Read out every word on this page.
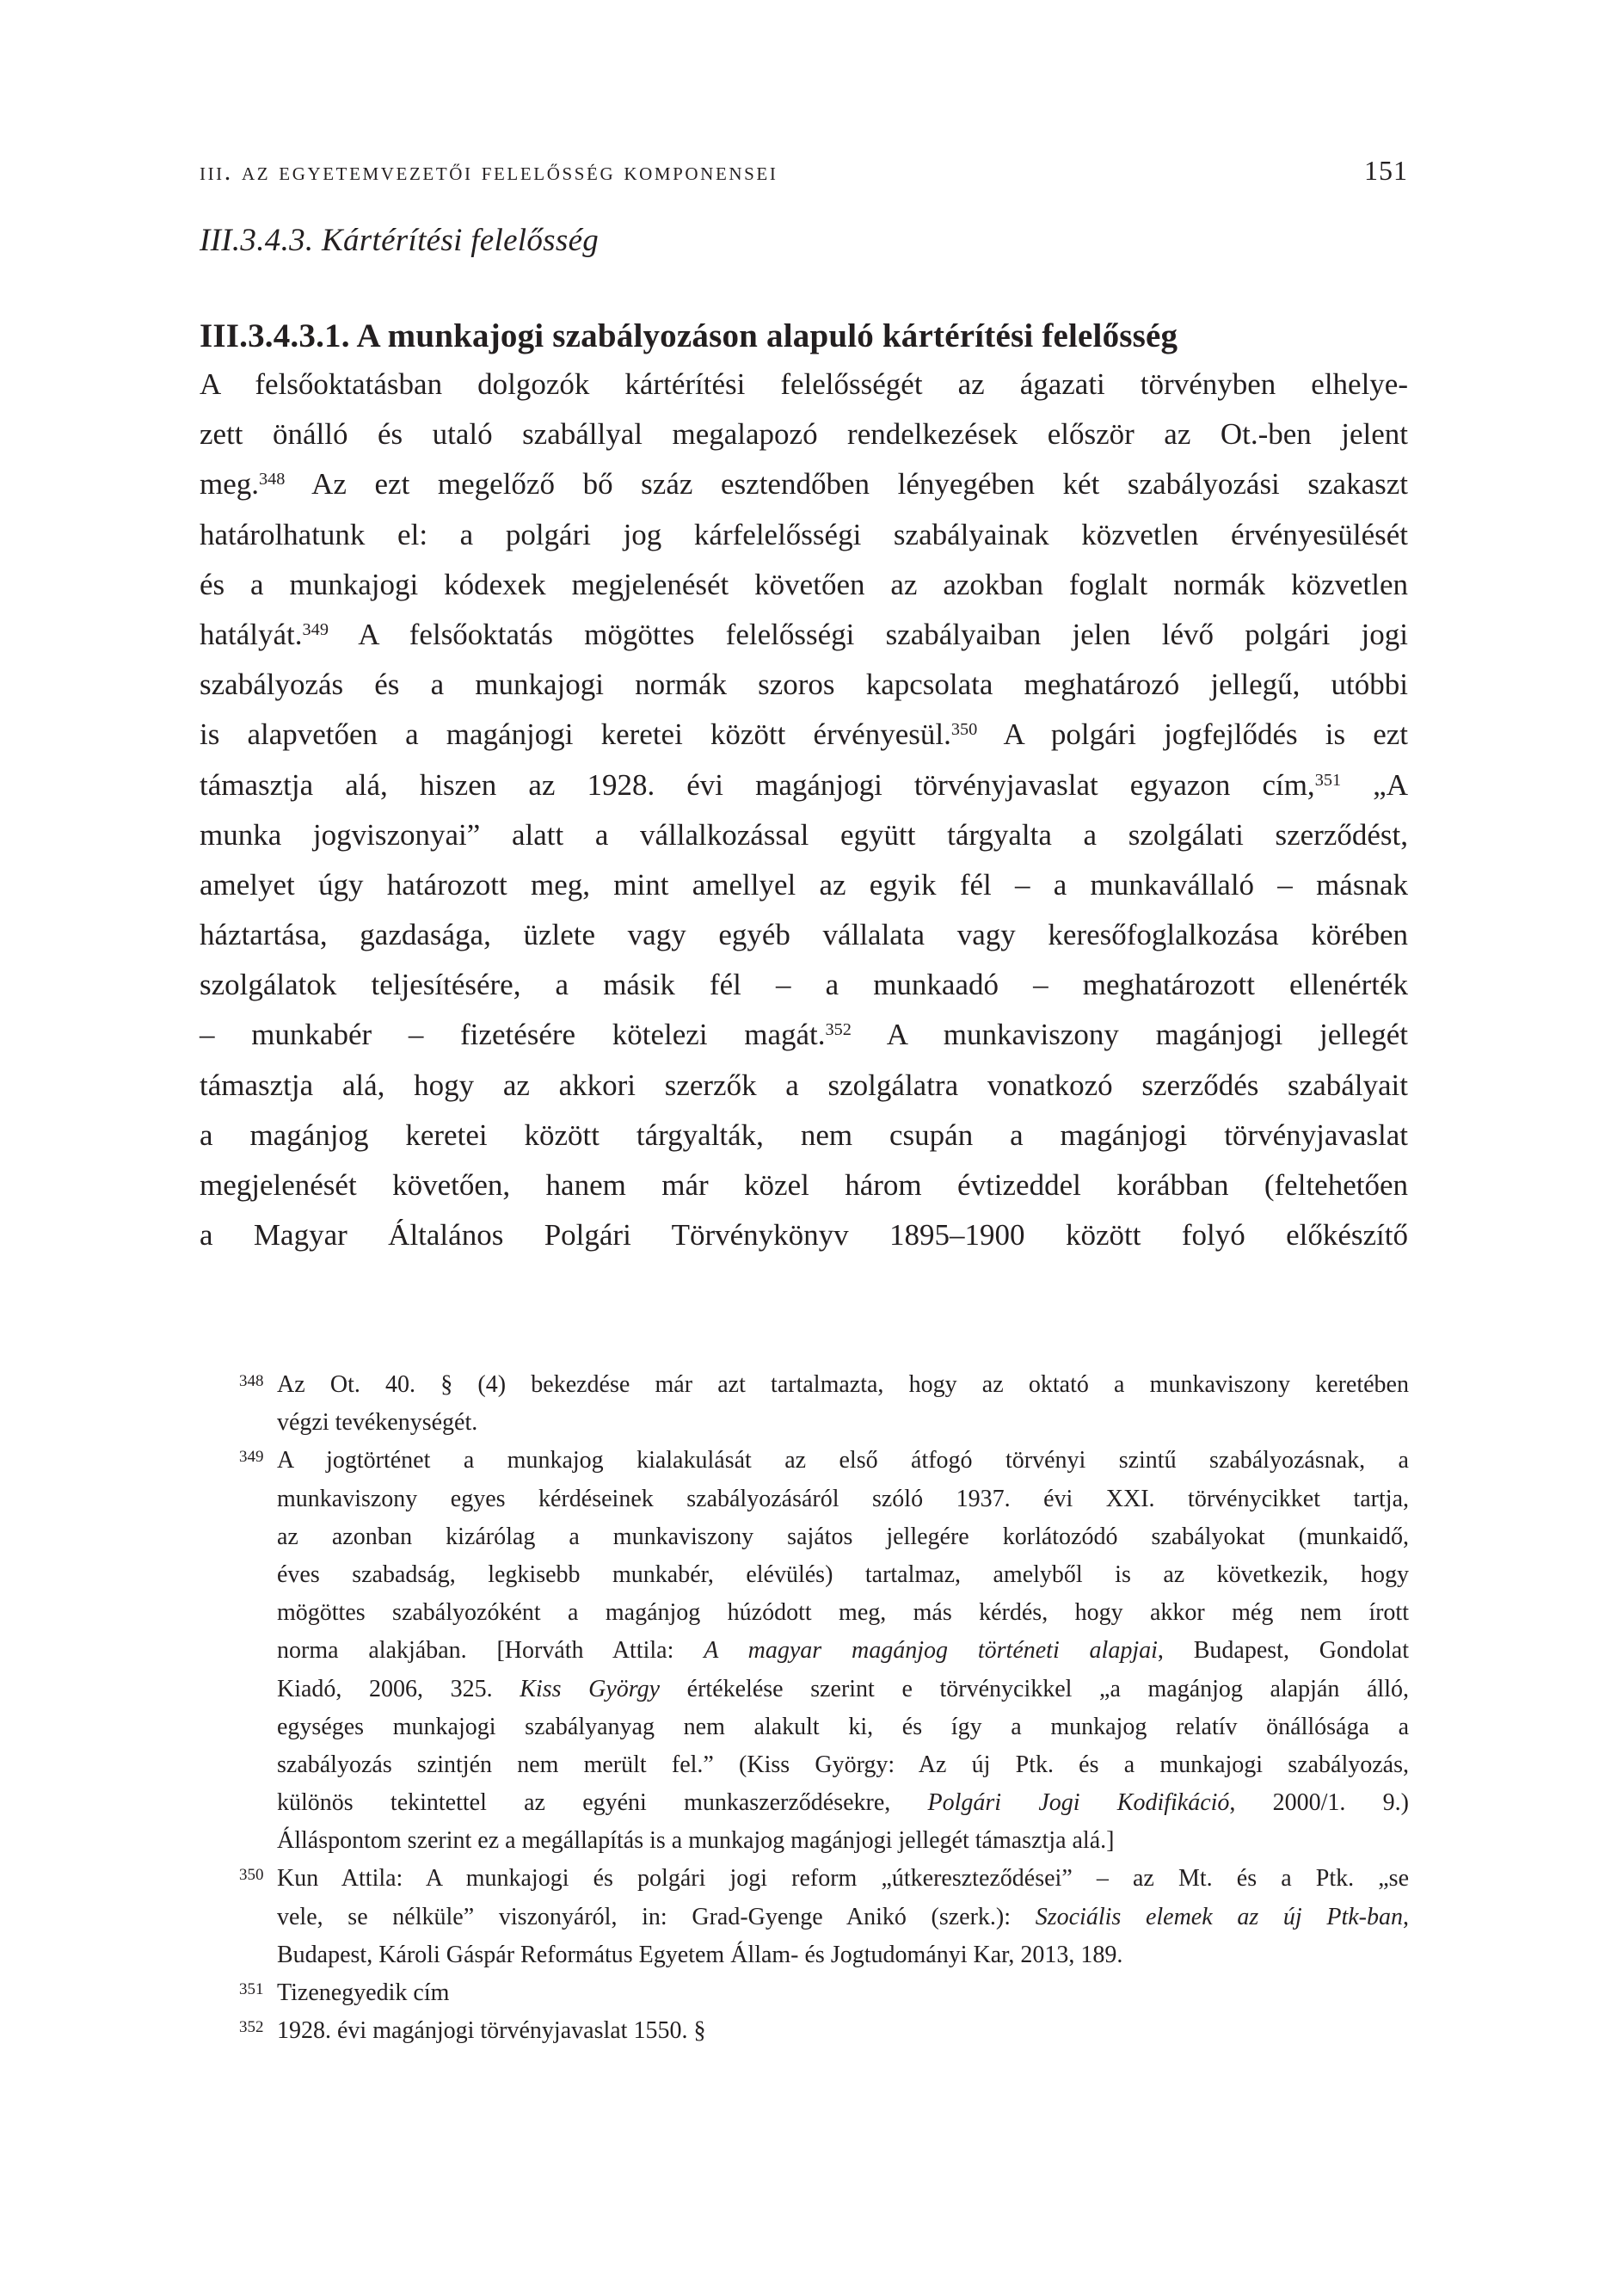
iii. az egyetemvezetői felelősség komponensei	151
III.3.4.3. Kártérítési felelősség
III.3.4.3.1. A munkajogi szabályozáson alapuló kártérítési felelősség
A felsőoktatásban dolgozók kártérítési felelősségét az ágazati törvényben elhelye-
zett önálló és utaló szabállyal megalapozó rendelkezések először az Ot.-ben jelent
meg.$^{348}$ Az ezt megelőző bő száz esztendőben lényegében két szabályozási szakaszt
határolhatunk el: a polgári jog kárfelelősségi szabályainak közvetlen érvényesülését
és a munkajogi kódexek megjelenését követően az azokban foglalt normák közvetlen
hatályát.$^{349}$ A felsőoktatás mögöttes felelősségi szabályaiban jelen lévő polgári jogi
szabályozás és a munkajogi normák szoros kapcsolata meghatározó jellegű, utóbbi
is alapvetően a magánjogi keretei között érvényesül.$^{350}$ A polgári jogfejlődés is ezt
támasztja alá, hiszen az 1928. évi magánjogi törvényjavaslat egyazon cím,$^{351}$ „A
munka jogviszonyai” alatt a vállalkozással együtt tárgyalta a szolgálati szerződést,
amelyet úgy határozott meg, mint amellyel az egyik fél – a munkavállaló – másnak
háztartása, gazdasága, üzlete vagy egyéb vállalata vagy keresőfoglalkozása körében
szolgálatok teljesítésére, a másik fél – a munkaadó – meghatározott ellenérték
– munkabér – fizetésére kötelezi magát.$^{352}$ A munkaviszony magánjogi jellegét
támasztja alá, hogy az akkori szerzők a szolgálatra vonatkozó szerződés szabályait
a magánjog keretei között tárgyalták, nem csupán a magánjogi törvényjavaslat
megjelenését követően, hanem már közel három évtizeddel korábban (feltehetően
a Magyar Általános Polgári Törvénykönyv 1895–1900 között folyó előkészítő
348 Az Ot. 40. § (4) bekezdése már azt tartalmazta, hogy az oktató a munkaviszony keretében
végzi tevékenységét.
349 A jogtörténet a munkajog kialakulását az első átfogó törvényi szintű szabályozásnak, a
munkaviszony egyes kérdéseinek szabályozásáról szóló 1937. évi XXI. törvénycikket tartja,
az azonban kizárólag a munkaviszony sajátos jellegére korlátozódó szabályokat (munkaidő,
éves szabadság, legkisebb munkabér, elévülés) tartalmaz, amelyből is az következik, hogy
mögöttes szabályozóként a magánjog húzódott meg, más kérdés, hogy akkor még nem írott
norma alakjában. [Horváth Attila: A magyar magánjog történeti alapjai, Budapest, Gondolat
Kiadó, 2006, 325. Kiss György értékelése szerint e törvénycikkel „a magánjog alapján álló,
egységes munkajogi szabályanyag nem alakult ki, és így a munkajog relatív önállósága a
szabályozás szintjén nem merült fel.” (Kiss György: Az új Ptk. és a munkajogi szabályozás,
különös tekintettel az egyéni munkaszerződésekre, Polgári Jogi Kodifikáció, 2000/1. 9.)
Álláspontom szerint ez a megállapítás is a munkajog magánjogi jellegét támasztja alá.]
350 Kun Attila: A munkajogi és polgári jogi reform „útkereszteződései” – az Mt. és a Ptk. „se
vele, se nélküle” viszonyáról, in: Grad-Gyenge Anikó (szerk.): Szociális elemek az új Ptk-ban,
Budapest, Károli Gáspár Református Egyetem Állam- és Jogtudományi Kar, 2013, 189.
351 Tizenegyedik cím
352 1928. évi magánjogi törvényjavaslat 1550. §
